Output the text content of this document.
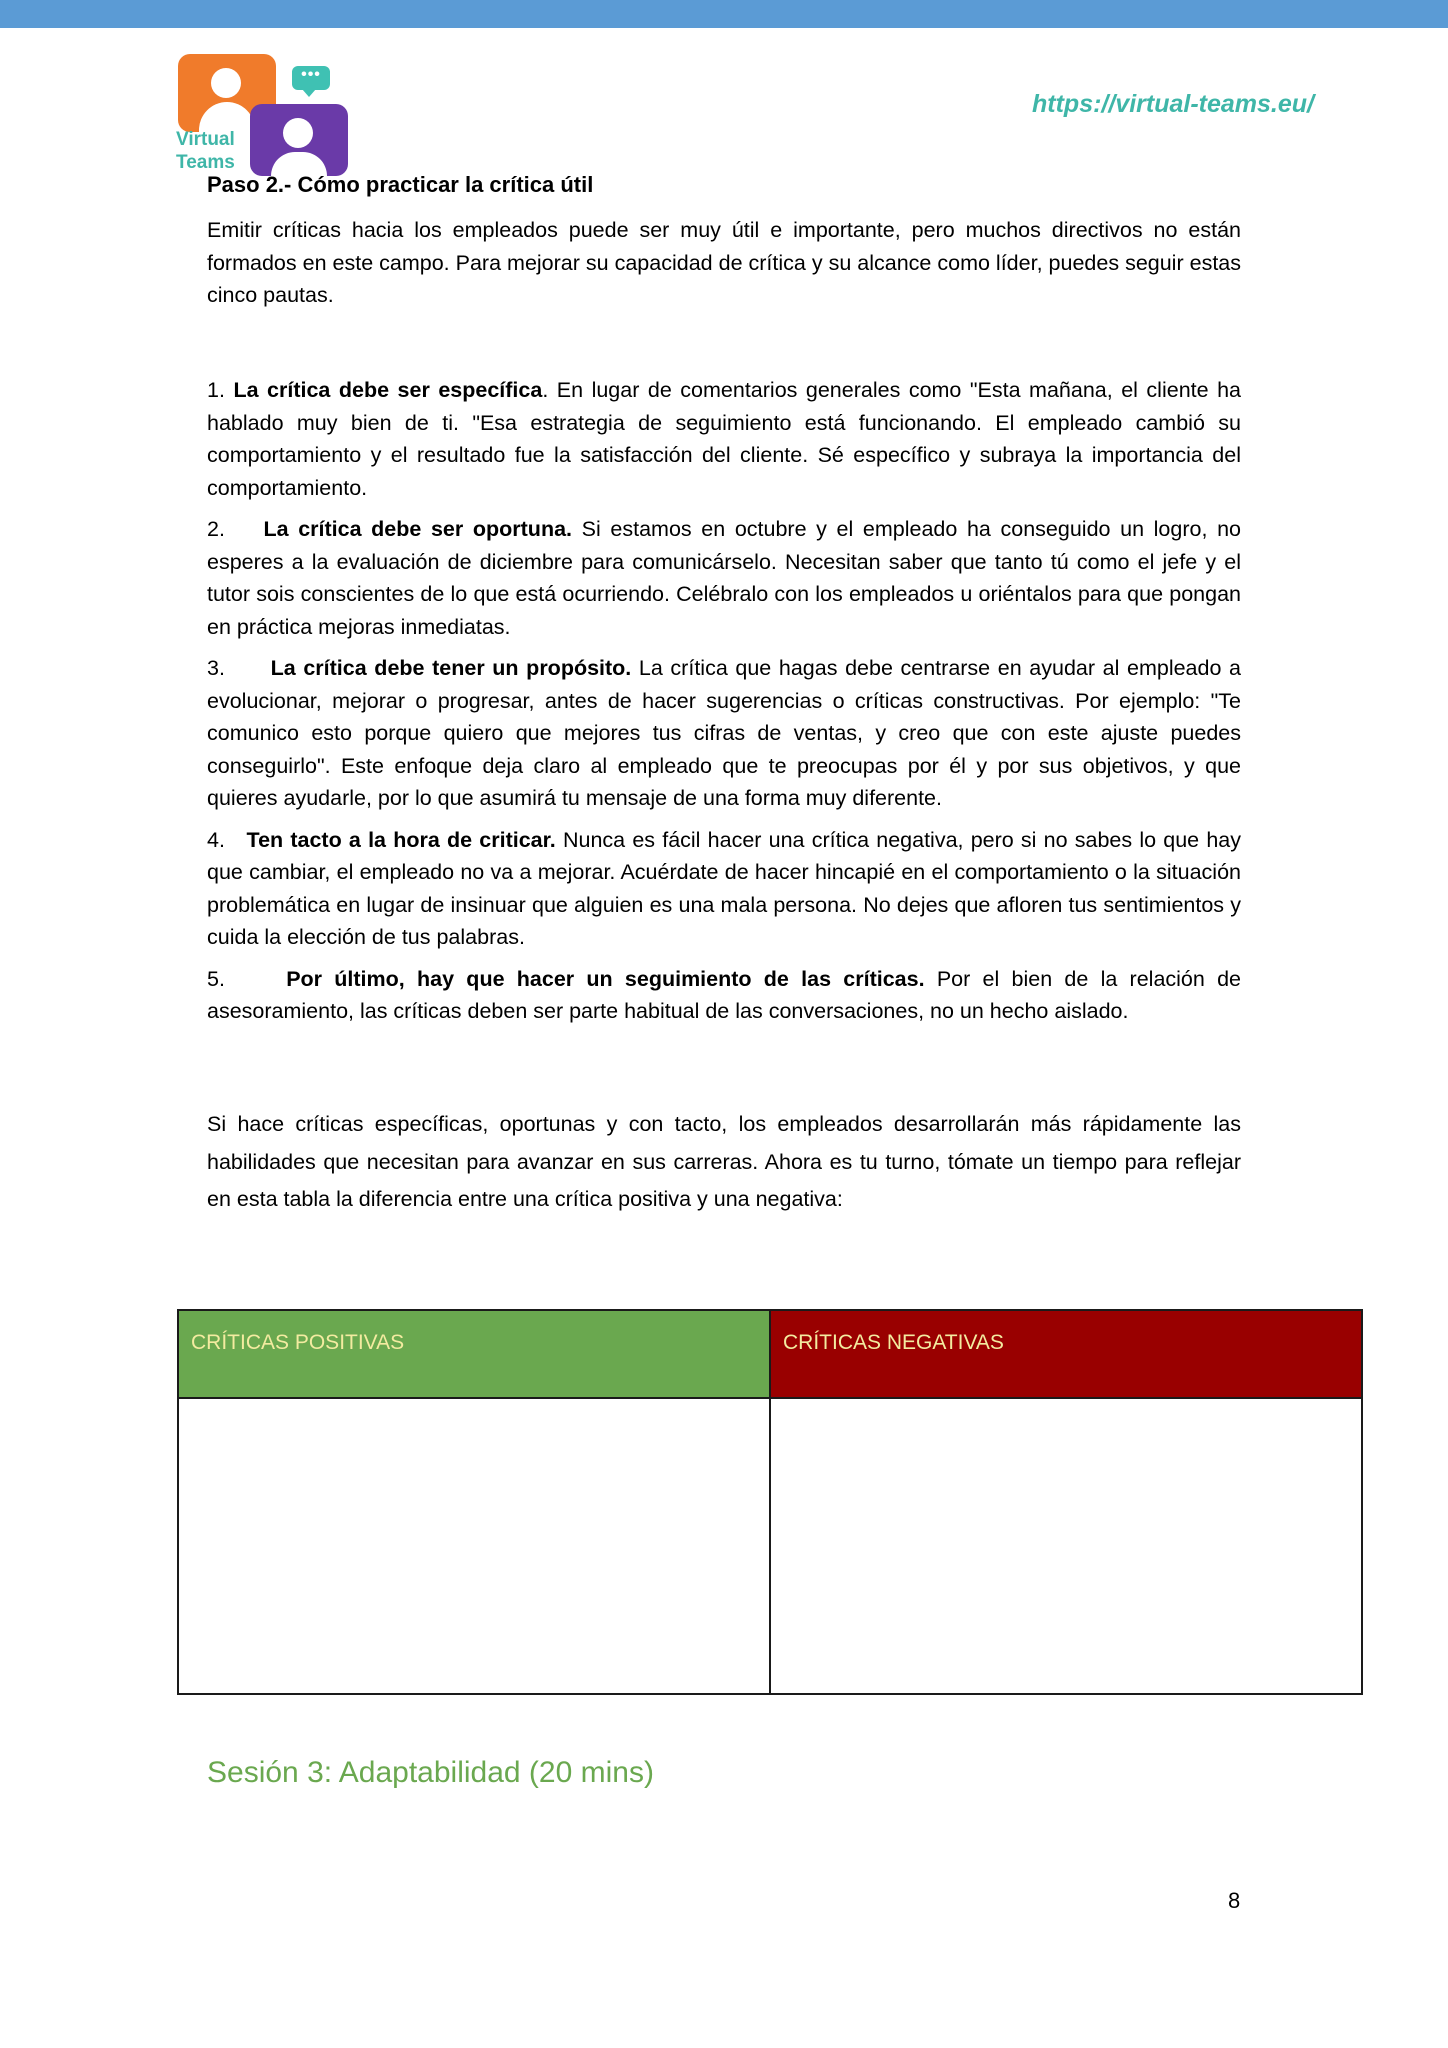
•••
Virtual
Teams
https://virtual-teams.eu/

Paso 2.- Cómo practicar la crítica útil

Emitir críticas hacia los empleados puede ser muy útil e importante, pero muchos directivos no están formados en este campo. Para mejorar su capacidad de crítica y su alcance como líder, puedes seguir estas cinco pautas.

1. La crítica debe ser específica. En lugar de comentarios generales como "Esta mañana, el cliente ha hablado muy bien de ti. "Esa estrategia de seguimiento está funcionando. El empleado cambió su comportamiento y el resultado fue la satisfacción del cliente. Sé específico y subraya la importancia del comportamiento.

2. La crítica debe ser oportuna. Si estamos en octubre y el empleado ha conseguido un logro, no esperes a la evaluación de diciembre para comunicárselo. Necesitan saber que tanto tú como el jefe y el tutor sois conscientes de lo que está ocurriendo. Celébralo con los empleados u oriéntalos para que pongan en práctica mejoras inmediatas.

3. La crítica debe tener un propósito. La crítica que hagas debe centrarse en ayudar al empleado a evolucionar, mejorar o progresar, antes de hacer sugerencias o críticas constructivas. Por ejemplo: "Te comunico esto porque quiero que mejores tus cifras de ventas, y creo que con este ajuste puedes conseguirlo". Este enfoque deja claro al empleado que te preocupas por él y por sus objetivos, y que quieres ayudarle, por lo que asumirá tu mensaje de una forma muy diferente.

4. Ten tacto a la hora de criticar. Nunca es fácil hacer una crítica negativa, pero si no sabes lo que hay que cambiar, el empleado no va a mejorar. Acuérdate de hacer hincapié en el comportamiento o la situación problemática en lugar de insinuar que alguien es una mala persona. No dejes que afloren tus sentimientos y cuida la elección de tus palabras.

5.	Por último, hay que hacer un seguimiento de las críticas. Por el bien de la relación de asesoramiento, las críticas deben ser parte habitual de las conversaciones, no un hecho aislado.

Si hace críticas específicas, oportunas y con tacto, los empleados desarrollarán más rápidamente las habilidades que necesitan para avanzar en sus carreras. Ahora es tu turno, tómate un tiempo para reflejar en esta tabla la diferencia entre una crítica positiva y una negativa:

CRÍTICAS POSITIVAS	CRÍTICAS NEGATIVAS

Sesión 3: Adaptabilidad (20 mins)
8
